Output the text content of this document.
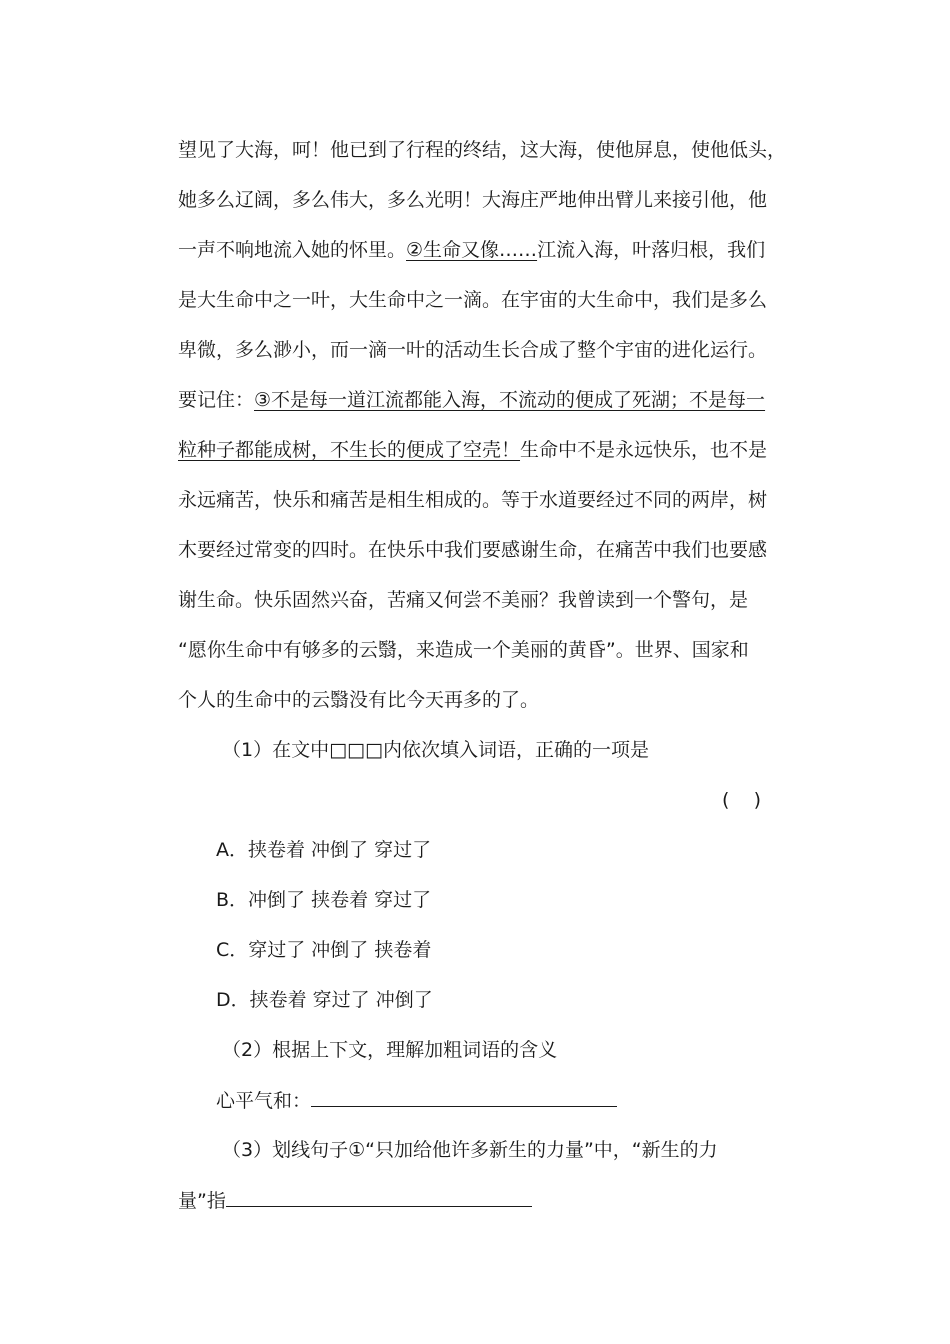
望见了大海，呵！他已到了行程的终结，这大海，使他屏息，使他低头，
她多么辽阔，多么伟大，多么光明！大海庄严地伸出臂儿来接引他，他
一声不响地流入她的怀里。②生命又像……江流入海，叶落归根，我们
是大生命中之一叶，大生命中之一滴。在宇宙的大生命中，我们是多么
卑微，多么渺小，而一滴一叶的活动生长合成了整个宇宙的进化运行。
要记住：③不是每一道江流都能入海，不流动的便成了死湖；不是每一
粒种子都能成树，不生长的便成了空壳！生命中不是永远快乐，也不是
永远痛苦，快乐和痛苦是相生相成的。等于水道要经过不同的两岸，树
木要经过常变的四时。在快乐中我们要感谢生命，在痛苦中我们也要感
谢生命。快乐固然兴奋，苦痛又何尝不美丽？我曾读到一个警句，是
“愿你生命中有够多的云翳，来造成一个美丽的黄昏”。世界、国家和
个人的生命中的云翳没有比今天再多的了。
（1）在文中□□□内依次填入词语，正确的一项是
(    )
A．挟卷着 冲倒了 穿过了
B．冲倒了 挟卷着 穿过了
C．穿过了 冲倒了 挟卷着
D．挟卷着 穿过了 冲倒了
（2）根据上下文，理解加粗词语的含义
心平气和：
（3）划线句子①“只加给他许多新生的力量”中，“新生的力
量”指
